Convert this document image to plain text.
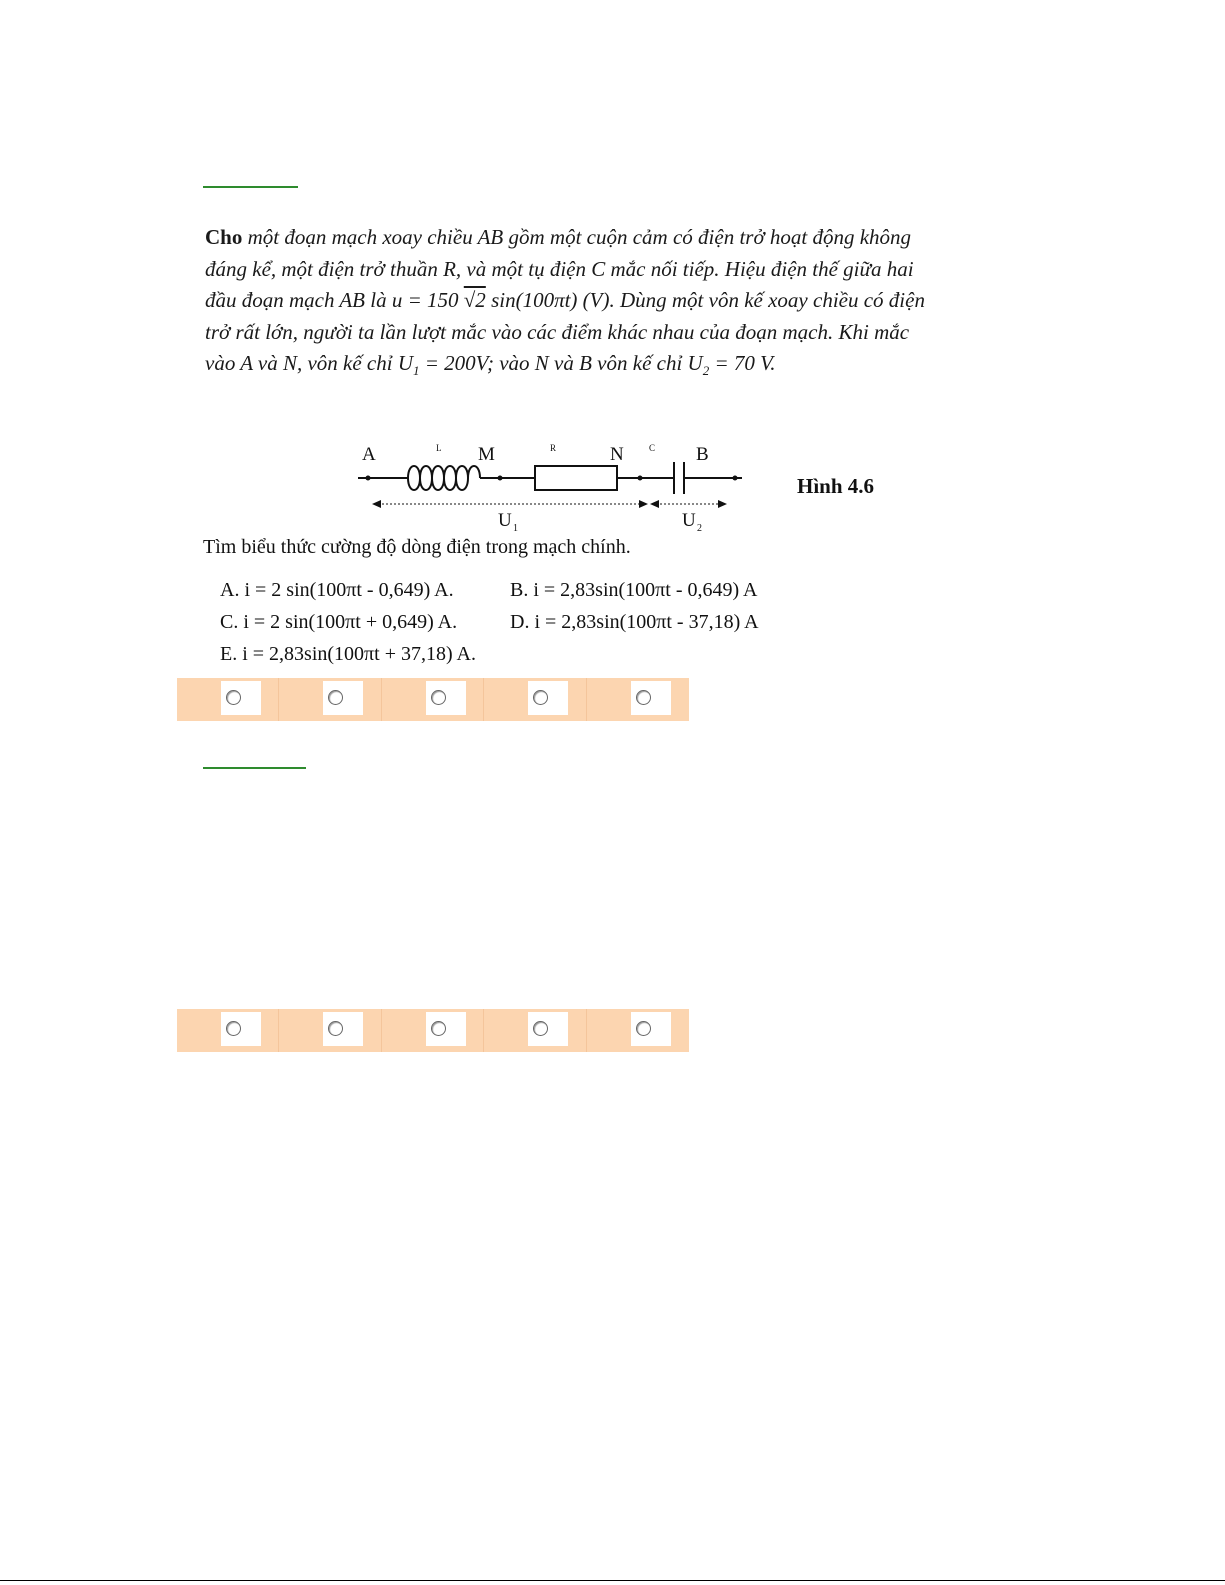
Cho một đoạn mạch xoay chiều AB gồm một cuộn cảm có điện trở hoạt động không đáng kể, một điện trở thuần R, và một tụ điện C mắc nối tiếp. Hiệu điện thế giữa hai đầu đoạn mạch AB là u = 150 √2 sin(100πt) (V). Dùng một vôn kế xoay chiều có điện trở rất lớn, người ta lần lượt mắc vào các điểm khác nhau của đoạn mạch. Khi mắc vào A và N, vôn kế chỉ $U_1 = 200V$; vào N và B vôn kế chỉ $U_2 = 70$ V.
A	L M	R	N	C B
U 1	U 2
Hình 4.6
Tìm biểu thức cường độ dòng điện trong mạch chính.
A. i = 2 sin(100πt - 0,649) A.	B. i = 2,83sin(100πt - 0,649) A
C. i = 2 sin(100πt + 0,649) A.	D. i = 2,83sin(100πt - 37,18) A
E. i = 2,83sin(100πt + 37,18) A.
